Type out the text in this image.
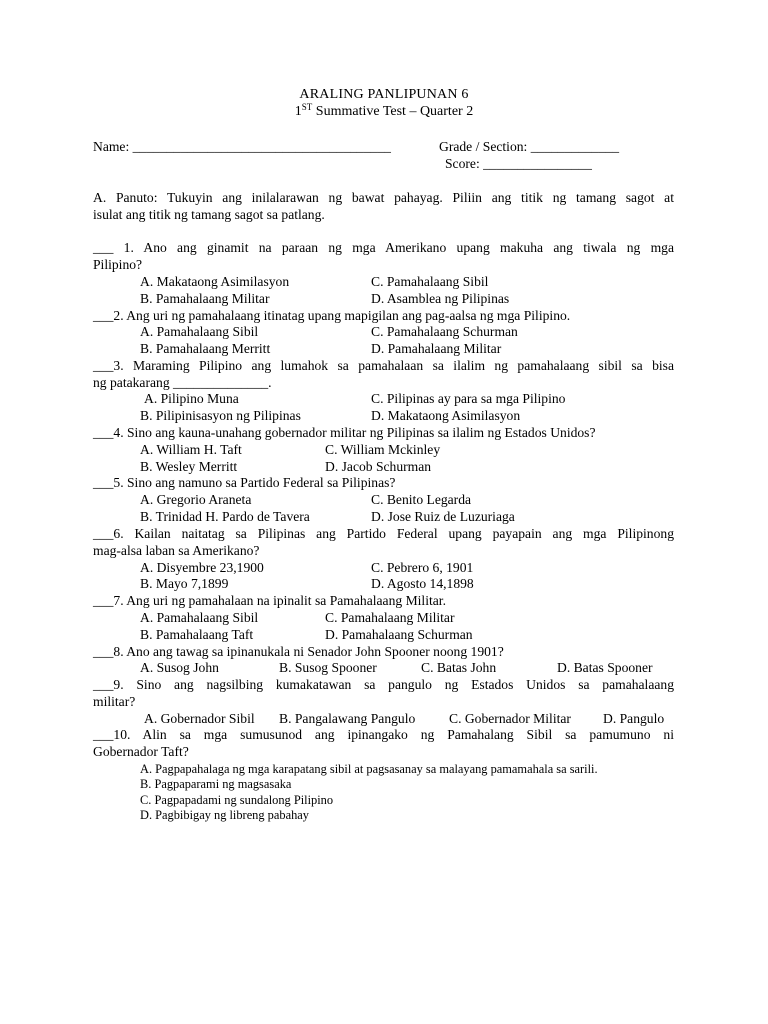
ARALING PANLIPUNAN 6
1ST Summative Test – Quarter 2
Name: ______________________________________	Grade / Section: _____________
Score: ________________
A. Panuto: Tukuyin ang inilalarawan ng bawat pahayag. Piliin ang titik ng tamang sagot at
isulat ang titik ng tamang sagot sa patlang.
___ 1. Ano ang ginamit na paraan ng mga Amerikano upang makuha ang tiwala ng mga
Pilipino?
A. Makataong Asimilasyon	C. Pamahalaang Sibil
B. Pamahalaang Militar	D. Asamblea ng Pilipinas
___2. Ang uri ng pamahalaang itinatag upang mapigilan ang pag-aalsa ng mga Pilipino.
A. Pamahalaang Sibil	C. Pamahalaang Schurman
B. Pamahalaang Merritt	D. Pamahalaang Militar
___3. Maraming Pilipino ang lumahok sa pamahalaan sa ilalim ng pamahalaang sibil sa bisa
ng patakarang ______________.
A. Pilipino Muna	C. Pilipinas ay para sa mga Pilipino
B. Pilipinisasyon ng Pilipinas	D. Makataong Asimilasyon
___4. Sino ang kauna-unahang gobernador militar ng Pilipinas sa ilalim ng Estados Unidos?
A. William H. Taft	C. William Mckinley
B. Wesley Merritt	D. Jacob Schurman
___5. Sino ang namuno sa Partido Federal sa Pilipinas?
A. Gregorio Araneta	C. Benito Legarda
B. Trinidad H. Pardo de Tavera	D. Jose Ruiz de Luzuriaga
___6. Kailan naitatag sa Pilipinas ang Partido Federal upang payapain ang mga Pilipinong
mag-alsa laban sa Amerikano?
A. Disyembre 23,1900	C. Pebrero 6, 1901
B. Mayo 7,1899	D. Agosto 14,1898
___7. Ang uri ng pamahalaan na ipinalit sa Pamahalaang Militar.
A. Pamahalaang Sibil	C. Pamahalaang Militar
B. Pamahalaang Taft	D. Pamahalaang Schurman
___8. Ano ang tawag sa ipinanukala ni Senador John Spooner noong 1901?
A. Susog John	B. Susog Spooner	C. Batas John	D. Batas Spooner
___9. Sino ang nagsilbing kumakatawan sa pangulo ng Estados Unidos sa pamahalaang
militar?
A. Gobernador Sibil B. Pangalawang Pangulo C. Gobernador Militar D. Pangulo
___10. Alin sa mga sumusunod ang ipinangako ng Pamahalang Sibil sa pamumuno ni
Gobernador Taft?
A. Pagpapahalaga ng mga karapatang sibil at pagsasanay sa malayang pamamahala sa sarili.
B. Pagpaparami ng magsasaka
C. Pagpapadami ng sundalong Pilipino
D. Pagbibigay ng libreng pabahay
